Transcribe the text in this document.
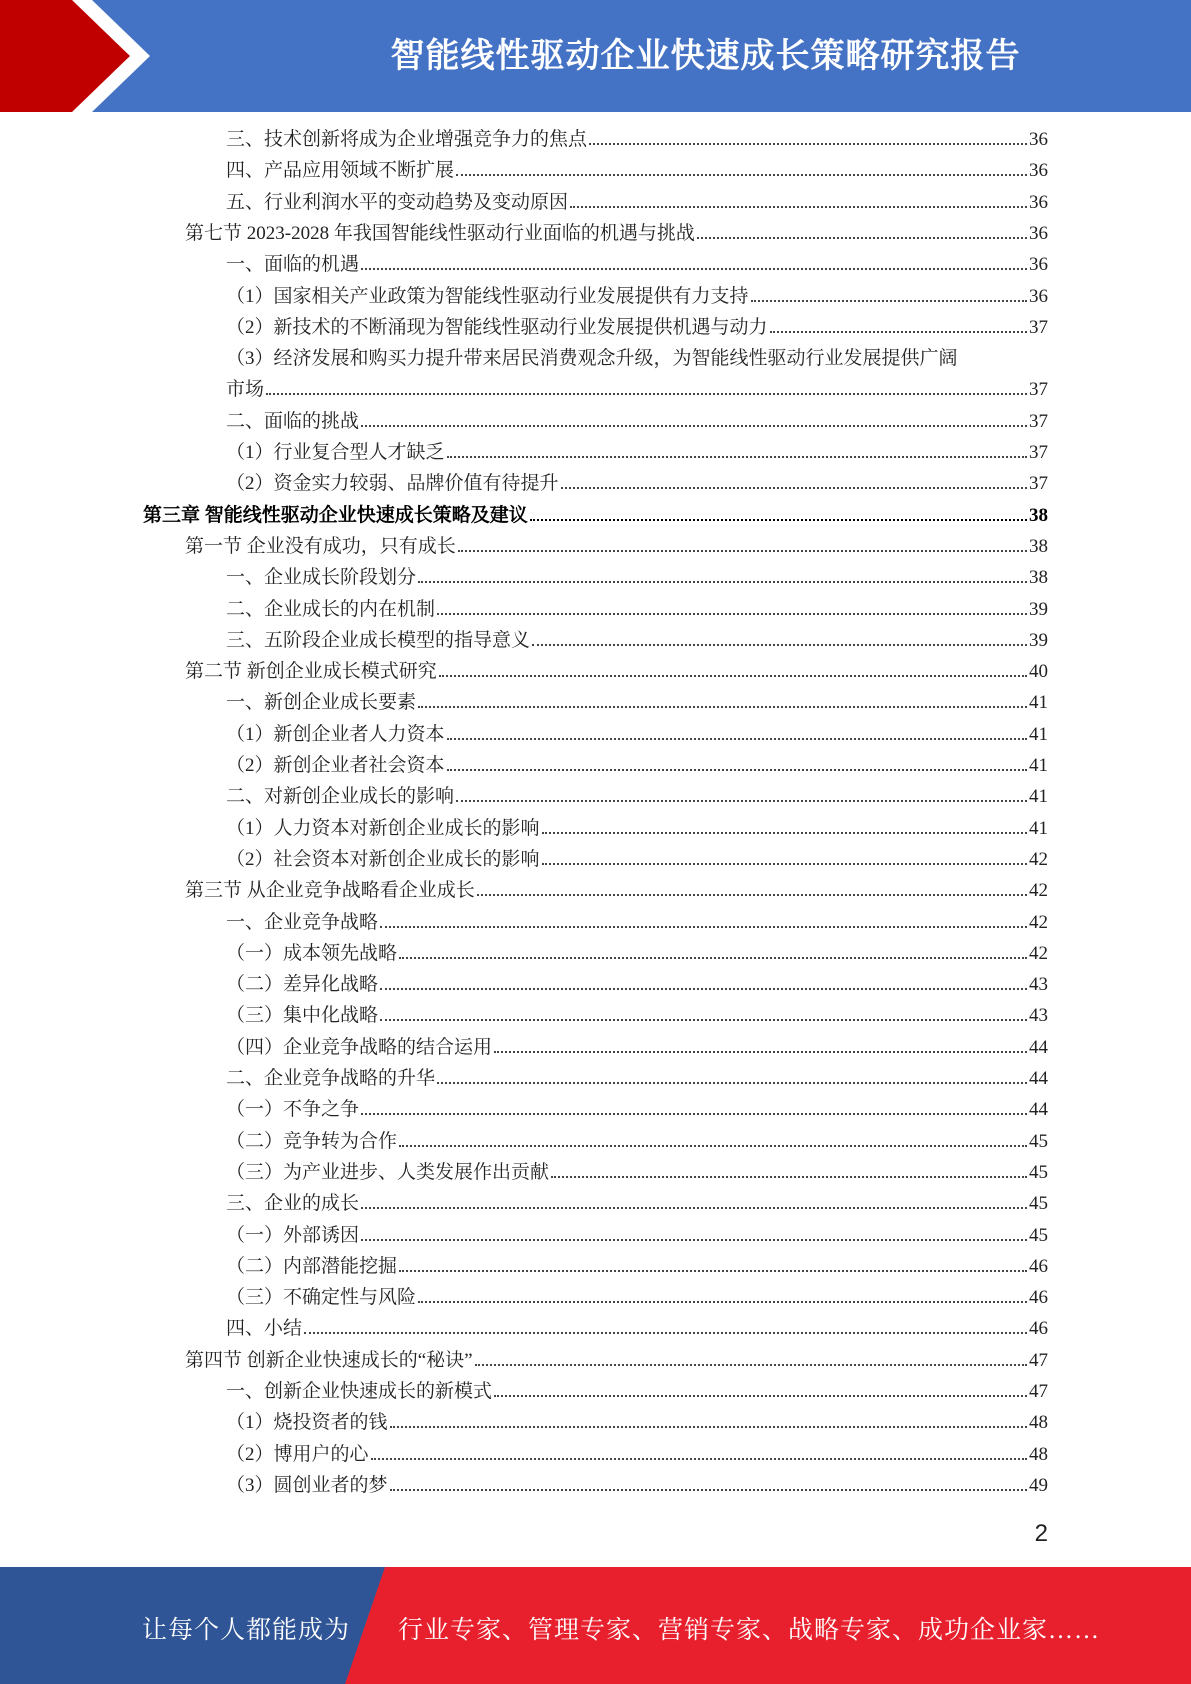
智能线性驱动企业快速成长策略研究报告
三、技术创新将成为企业增强竞争力的焦点	36
四、产品应用领域不断扩展	36
五、行业利润水平的变动趋势及变动原因	36
第七节 2023-2028 年我国智能线性驱动行业面临的机遇与挑战	36
一、面临的机遇	36
（1）国家相关产业政策为智能线性驱动行业发展提供有力支持	36
（2）新技术的不断涌现为智能线性驱动行业发展提供机遇与动力	37
（3）经济发展和购买力提升带来居民消费观念升级，为智能线性驱动行业发展提供广阔
市场	37
二、面临的挑战	37
（1）行业复合型人才缺乏	37
（2）资金实力较弱、品牌价值有待提升	37
第三章 智能线性驱动企业快速成长策略及建议	38
第一节 企业没有成功，只有成长	38
一、企业成长阶段划分	38
二、企业成长的内在机制	39
三、五阶段企业成长模型的指导意义	39
第二节 新创企业成长模式研究	40
一、新创企业成长要素	41
（1）新创企业者人力资本	41
（2）新创企业者社会资本	41
二、对新创企业成长的影响	41
（1）人力资本对新创企业成长的影响	41
（2）社会资本对新创企业成长的影响	42
第三节 从企业竞争战略看企业成长	42
一、企业竞争战略	42
（一）成本领先战略	42
（二）差异化战略	43
（三）集中化战略	43
（四）企业竞争战略的结合运用	44
二、企业竞争战略的升华	44
（一）不争之争	44
（二）竞争转为合作	45
（三）为产业进步、人类发展作出贡献	45
三、企业的成长	45
（一）外部诱因	45
（二）内部潜能挖掘	46
（三）不确定性与风险	46
四、小结	46
第四节 创新企业快速成长的“秘诀”	47
一、创新企业快速成长的新模式	47
（1）烧投资者的钱	48
（2）博用户的心	48
（3）圆创业者的梦	49
2
让每个人都能成为 行业专家、管理专家、营销专家、战略专家、成功企业家……
